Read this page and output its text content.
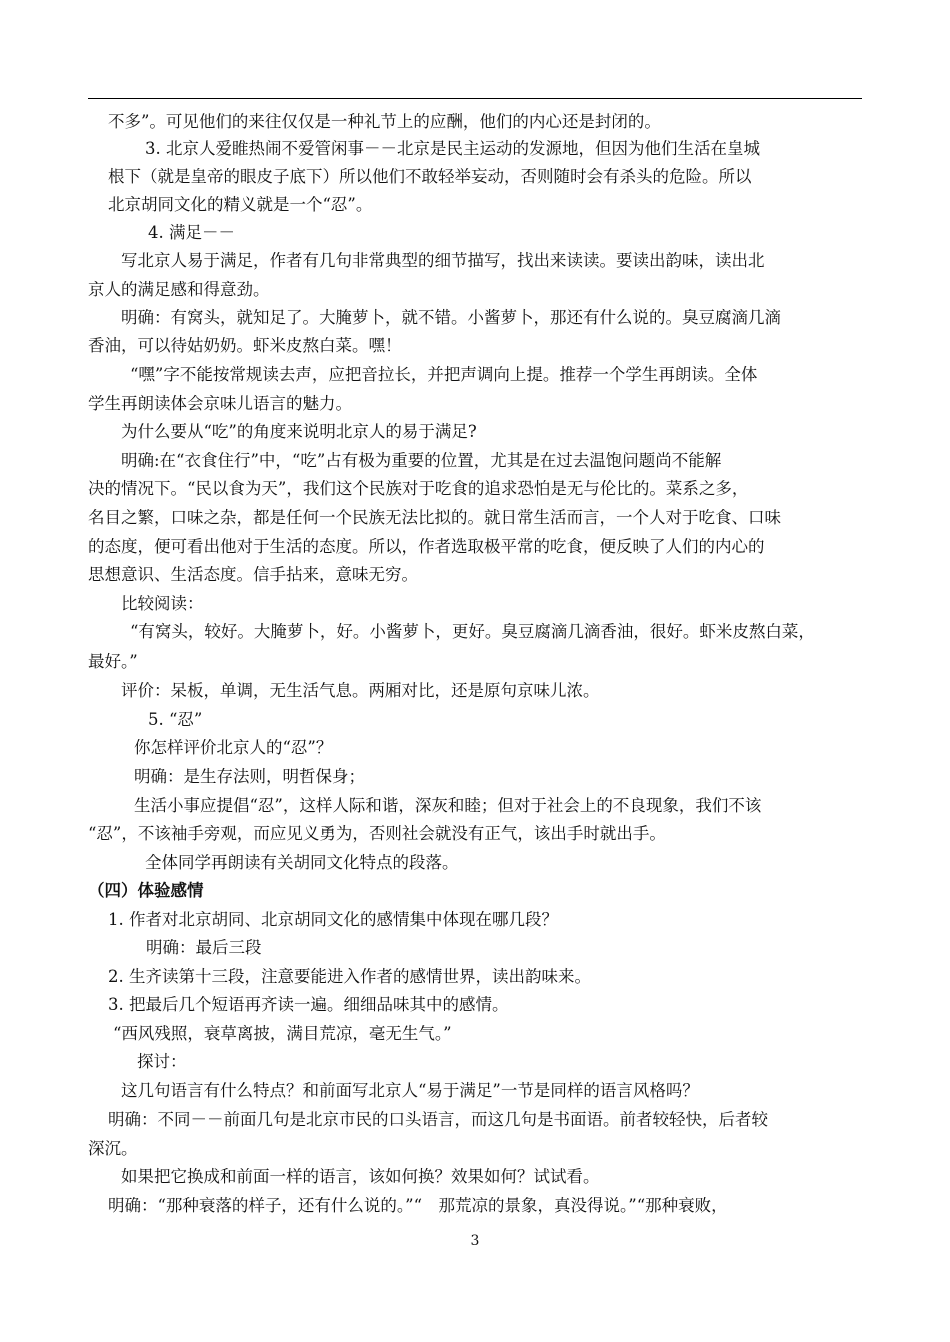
不多”。可见他们的来往仅仅是一种礼节上的应酬，他们的内心还是封闭的。
3. 北京人爱睢热闹不爱管闲事－－北京是民主运动的发源地，但因为他们生活在皇城
根下（就是皇帝的眼皮子底下）所以他们不敢轻举妄动，否则随时会有杀头的危险。所以
北京胡同文化的精义就是一个“忍”。
4. 满足－－
写北京人易于满足，作者有几句非常典型的细节描写，找出来读读。要读出韵味，读出北
京人的满足感和得意劲。
明确：有窝头，就知足了。大腌萝卜，就不错。小酱萝卜，那还有什么说的。臭豆腐滴几滴
香油，可以待姑奶奶。虾米皮熬白菜。嘿！
“嘿”字不能按常规读去声，应把音拉长，并把声调向上提。推荐一个学生再朗读。全体
学生再朗读体会京味儿语言的魅力。
为什么要从“吃”的角度来说明北京人的易于满足?
明确:在“衣食住行”中，“吃”占有极为重要的位置，尤其是在过去温饱问题尚不能解
决的情况下。“民以食为天”，我们这个民族对于吃食的追求恐怕是无与伦比的。菜系之多，
名目之繁，口味之杂，都是任何一个民族无法比拟的。就日常生活而言，一个人对于吃食、口味
的态度，便可看出他对于生活的态度。所以，作者选取极平常的吃食，便反映了人们的内心的
思想意识、生活态度。信手拈来，意味无穷。
比较阅读：
“有窝头，较好。大腌萝卜，好。小酱萝卜，更好。臭豆腐滴几滴香油，很好。虾米皮熬白菜，
最好。”
评价：呆板，单调，无生活气息。两厢对比，还是原句京味儿浓。
5. “忍”
你怎样评价北京人的“忍”？
明确：是生存法则，明哲保身；
生活小事应提倡“忍”，这样人际和谐，深灰和睦；但对于社会上的不良现象，我们不该
“忍”，不该袖手旁观，而应见义勇为，否则社会就没有正气，该出手时就出手。
全体同学再朗读有关胡同文化特点的段落。
（四）体验感情
1. 作者对北京胡同、北京胡同文化的感情集中体现在哪几段？
明确：最后三段
2. 生齐读第十三段，注意要能进入作者的感情世界，读出韵味来。
3. 把最后几个短语再齐读一遍。细细品味其中的感情。
“西风残照，衰草离披，满目荒凉，毫无生气。”
探讨：
这几句语言有什么特点？和前面写北京人“易于满足”一节是同样的语言风格吗？
明确：不同－－前面几句是北京市民的口头语言，而这几句是书面语。前者较轻快，后者较
深沉。
如果把它换成和前面一样的语言，该如何换？效果如何？试试看。
明确：“那种衰落的样子，还有什么说的。”“　那荒凉的景象，真没得说。”“那种衰败，
3
